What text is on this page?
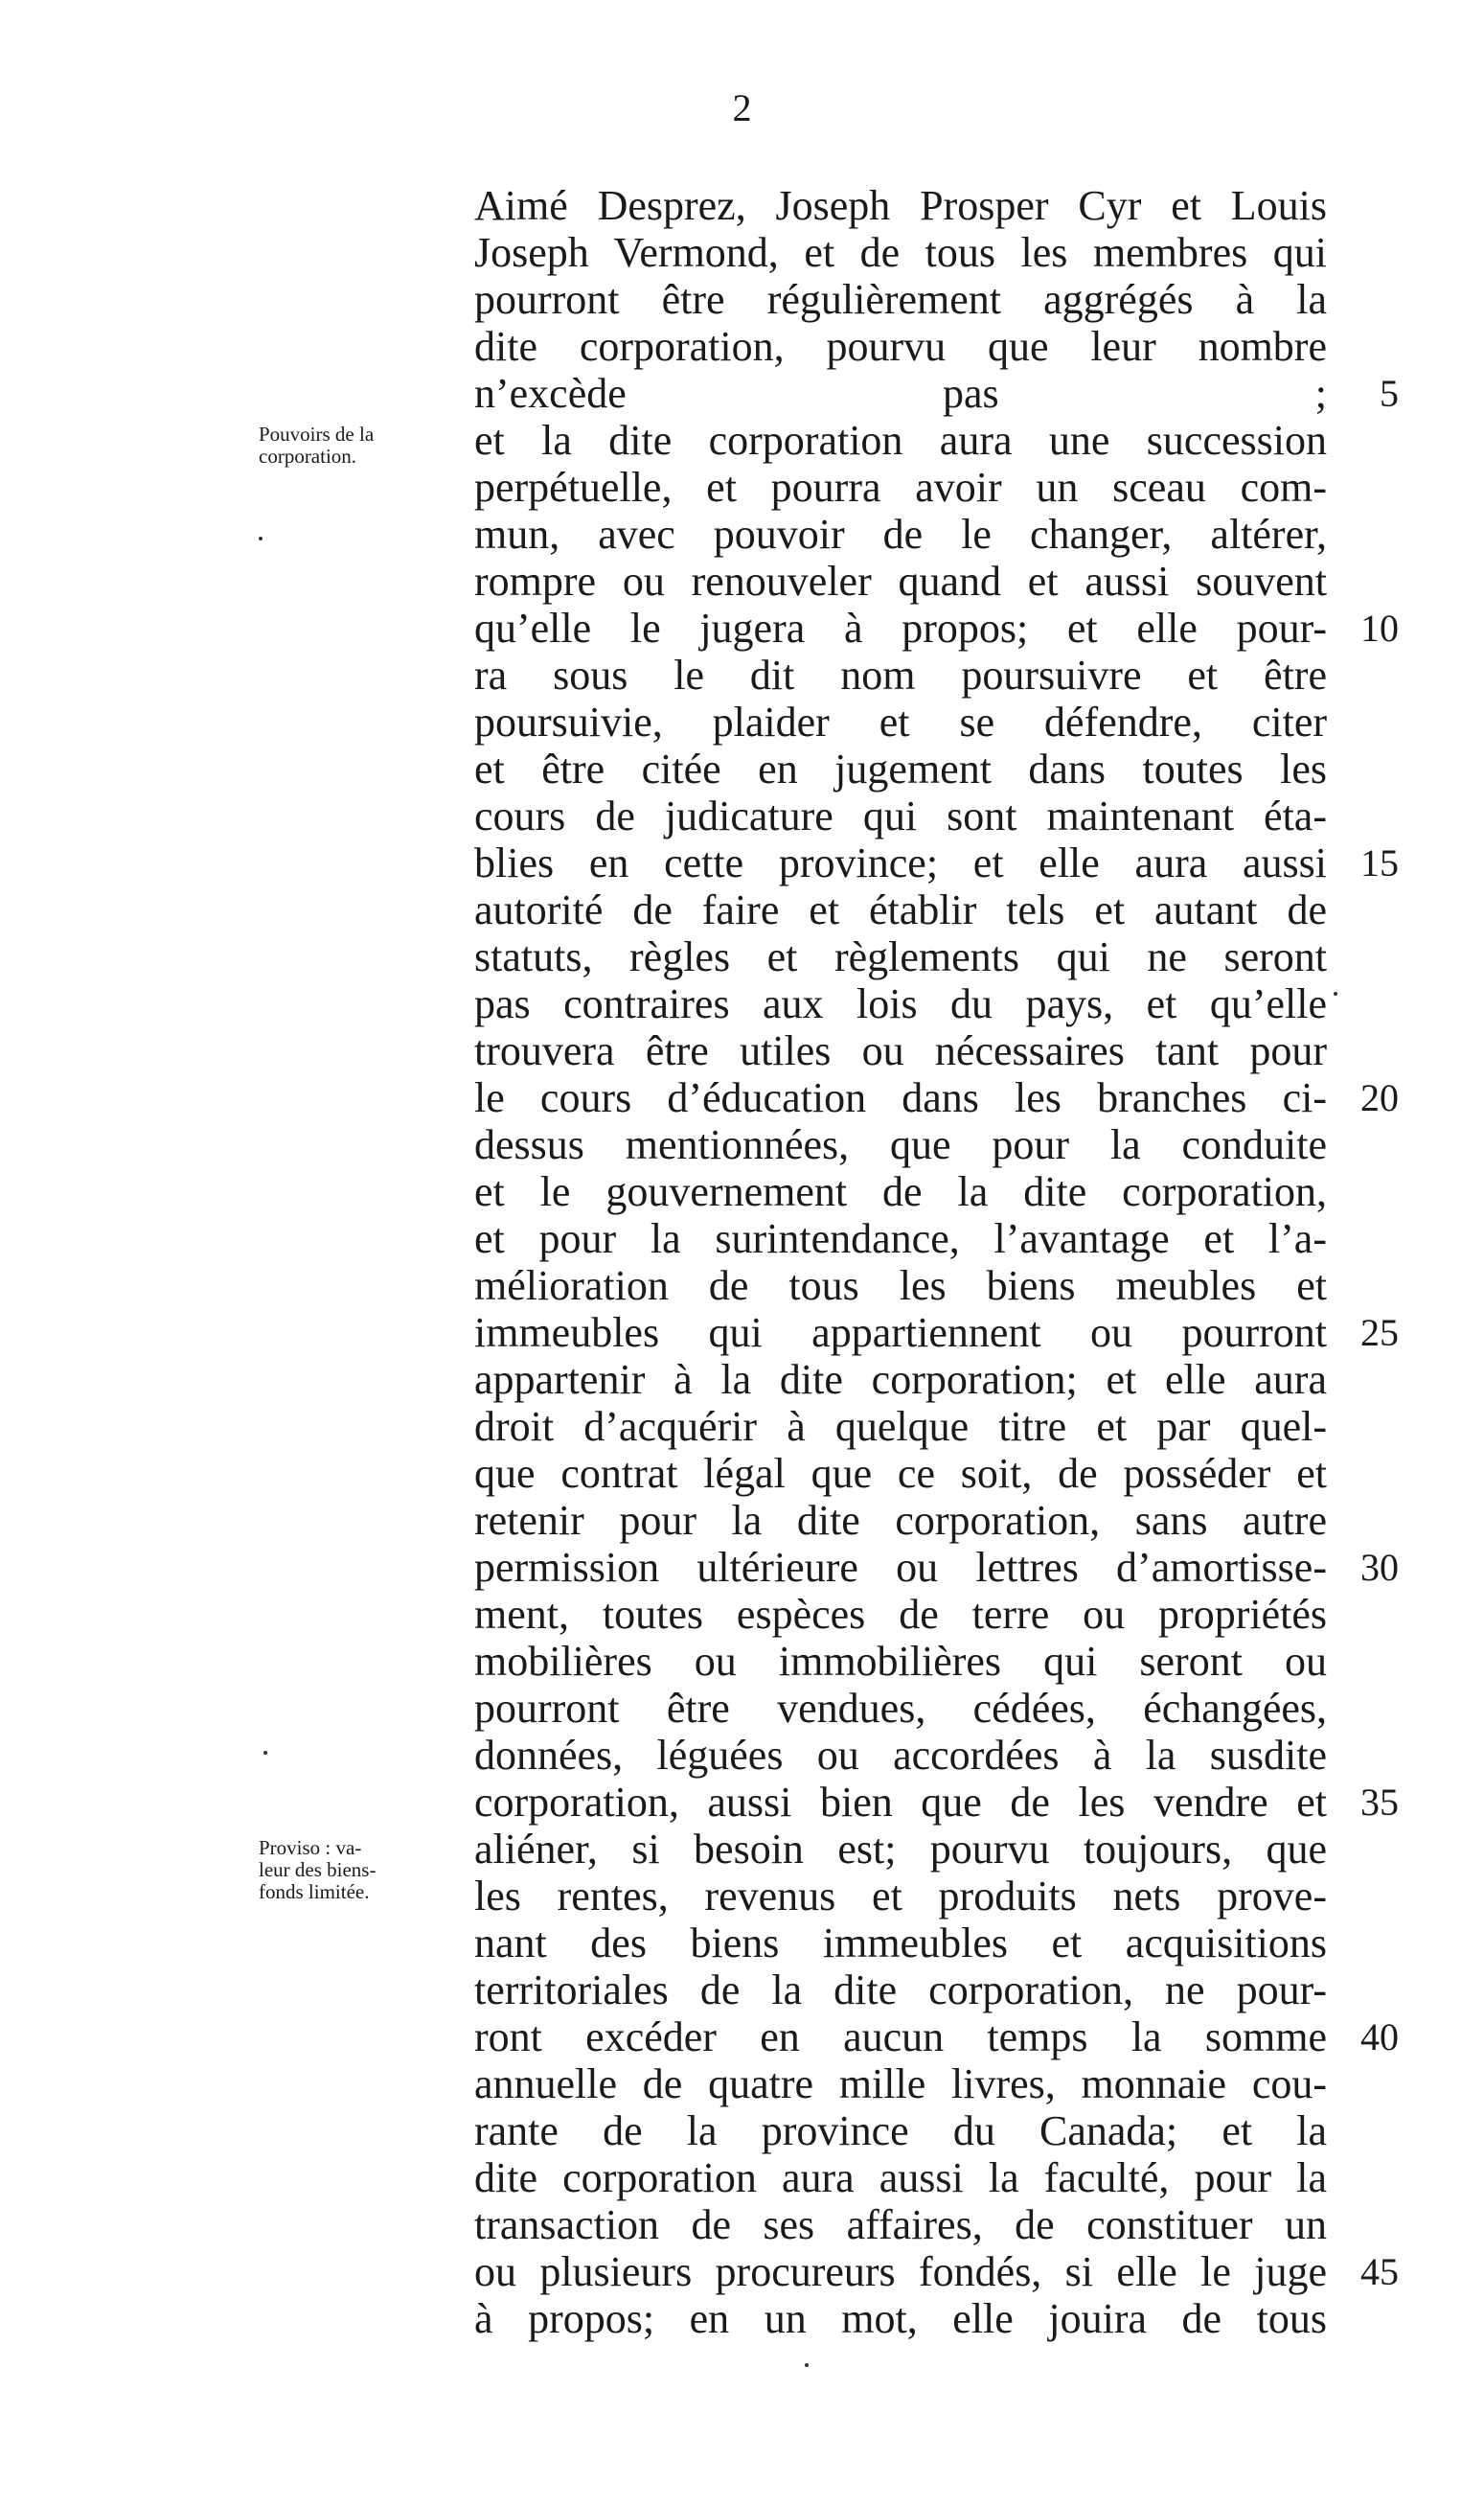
2
Pouvoirs de la
corporation.
Proviso : va-
leur des biens-
fonds limitée.
Aimé Desprez, Joseph Prosper Cyr et Louis
Joseph Vermond, et de tous les membres qui
pourront être régulièrement aggrégés à la
dite corporation, pourvu que leur nombre
n’excède pas ;	5
et la dite corporation aura une succession
perpétuelle, et pourra avoir un sceau com-
mun, avec pouvoir de le changer, altérer,
rompre ou renouveler quand et aussi souvent
qu’elle le jugera à propos; et elle pour- 10
ra sous le dit nom poursuivre et être
poursuivie, plaider et se défendre, citer
et être citée en jugement dans toutes les
cours de judicature qui sont maintenant éta-
blies en cette province; et elle aura aussi 15
autorité de faire et établir tels et autant de
statuts, règles et règlements qui ne seront
pas contraires aux lois du pays, et qu’elle
trouvera être utiles ou nécessaires tant pour
le cours d’éducation dans les branches ci- 20
dessus mentionnées, que pour la conduite
et le gouvernement de la dite corporation,
et pour la surintendance, l’avantage et l’a-
mélioration de tous les biens meubles et
immeubles qui appartiennent ou pourront 25
appartenir à la dite corporation; et elle aura
droit d’acquérir à quelque titre et par quel-
que contrat légal que ce soit, de posséder et
retenir pour la dite corporation, sans autre
permission ultérieure ou lettres d’amortisse- 30
ment, toutes espèces de terre ou propriétés
mobilières ou immobilières qui seront ou
pourront être vendues, cédées, échangées,
données, léguées ou accordées à la susdite
corporation, aussi bien que de les vendre et 35
aliéner, si besoin est; pourvu toujours, que
les rentes, revenus et produits nets prove-
nant des biens immeubles et acquisitions
territoriales de la dite corporation, ne pour-
ront excéder en aucun temps la somme 40
annuelle de quatre mille livres, monnaie cou-
rante de la province du Canada; et la
dite corporation aura aussi la faculté, pour la
transaction de ses affaires, de constituer un
ou plusieurs procureurs fondés, si elle le juge 45
à propos; en un mot, elle jouira de tous
